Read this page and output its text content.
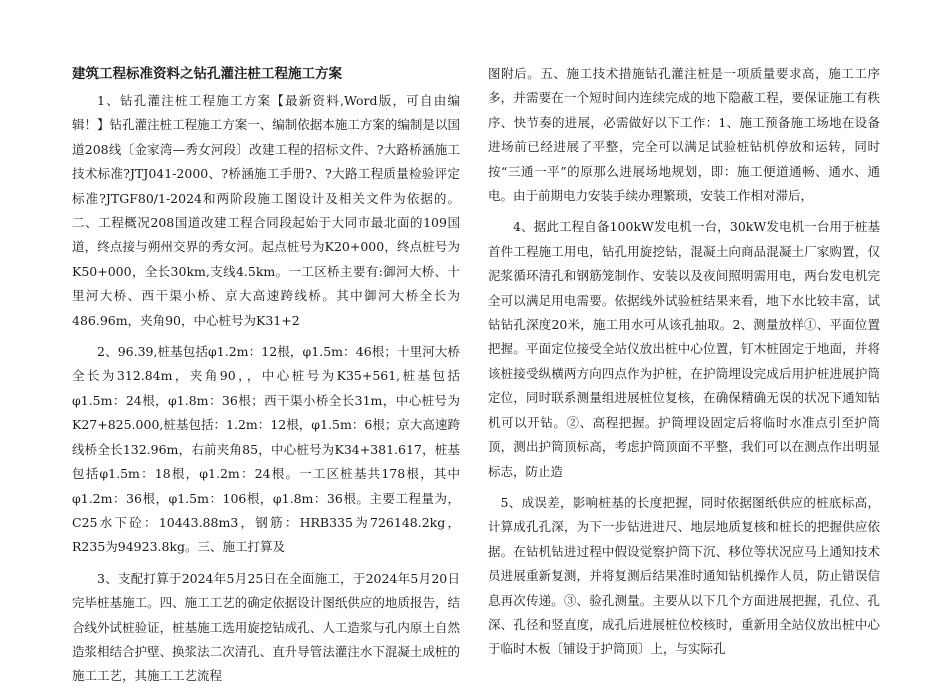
建筑工程标准资料之钻孔灌注桩工程施工方案
1、钻孔灌注桩工程施工方案【最新资料,Word版，可自由编辑！】钻孔灌注桩工程施工方案一、编制依据本施工方案的编制是以国道208线〔金家湾—秀女河段〕改建工程的招标文件、?大路桥涵施工技术标准?JTJ041-2000、?桥涵施工手册?、?大路工程质量检验评定标准?JTGF80/1-2024和两阶段施工图设计及相关文件为依据的。二、工程概况208国道改建工程合同段起始于大同市最北面的109国道，终点接与朔州交界的秀女河。起点桩号为K20+000，终点桩号为K50+000，全长30km,支线4.5km。一工区桥主要有:御河大桥、十里河大桥、西干渠小桥、京大高速跨线桥。其中御河大桥全长为486.96m，夹角90，中心桩号为K31+2
2、96.39,桩基包括φ1.2m：12根，φ1.5m：46根；十里河大桥全长为312.84m，夹角90，，中心桩号为K35+561,桩基包括φ1.5m：24根，φ1.8m：36根；西干渠小桥全长31m，中心桩号为K27+825.000,桩基包括：1.2m：12根，φ1.5m：6根；京大高速跨线桥全长132.96m，右前夹角85，中心桩号为K34+381.617，桩基包括φ1.5m：18根，φ1.2m：24根。一工区桩基共178根，其中φ1.2m：36根，φ1.5m：106根，φ1.8m：36根。主要工程量为，C25水下砼：10443.88m3，钢筋：HRB335为726148.2kg，R235为94923.8kg。三、施工打算及
3、支配打算于2024年5月25日在全面施工，于2024年5月20日完毕桩基施工。四、施工工艺的确定依据设计图纸供应的地质报告，结合线外试桩验证，桩基施工选用旋挖钻成孔、人工造浆与孔内原土自然造浆相结合护壁、换浆法二次清孔、直升导管法灌注水下混凝土成桩的施工工艺，其施工工艺流程
图附后。五、施工技术措施钻孔灌注桩是一项质量要求高，施工工序多，并需要在一个短时间内连续完成的地下隐蔽工程，要保证施工有秩序、快节奏的进展，必需做好以下工作：1、施工预备施工场地在设备进场前已经进展了平整，完全可以满足试验桩钻机停放和运转，同时按“三通一平”的原那么进展场地规划，即：施工便道通畅、通水、通电。由于前期电力安装手续办理繁琐，安装工作相对滞后，
4、据此工程自备100kW发电机一台，30kW发电机一台用于桩基首件工程施工用电，钻孔用旋挖钻，混凝土向商品混凝土厂家购置，仅泥浆循环清孔和钢筋笼制作、安装以及夜间照明需用电，两台发电机完全可以满足用电需要。依据线外试验桩结果来看，地下水比较丰富，试钻钻孔深度20米，施工用水可从该孔抽取。2、测量放样①、平面位置把握。平面定位接受全站仪放出桩中心位置，钉木桩固定于地面，并将该桩接受纵横两方向四点作为护桩，在护筒埋设完成后用护桩进展护筒定位，同时联系测量组进展桩位复核，在确保精确无误的状况下通知钻机可以开钻。②、高程把握。护筒埋设固定后将临时水准点引至护筒顶，测出护筒顶标高，考虑护筒顶面不平整，我们可以在测点作出明显标志，防止造
5、成误差，影响桩基的长度把握，同时依据图纸供应的桩底标高，计算成孔孔深，为下一步钻进进尺、地层地质复核和桩长的把握供应依据。在钻机钻进过程中假设觉察护筒下沉、移位等状况应马上通知技术员进展重新复测，并将复测后结果准时通知钻机操作人员，防止错误信息再次传递。③、验孔测量。主要从以下几个方面进展把握，孔位、孔深、孔径和竖直度，成孔后进展桩位校核时，重新用全站仪放出桩中心于临时木板〔铺设于护筒顶〕上，与实际孔
